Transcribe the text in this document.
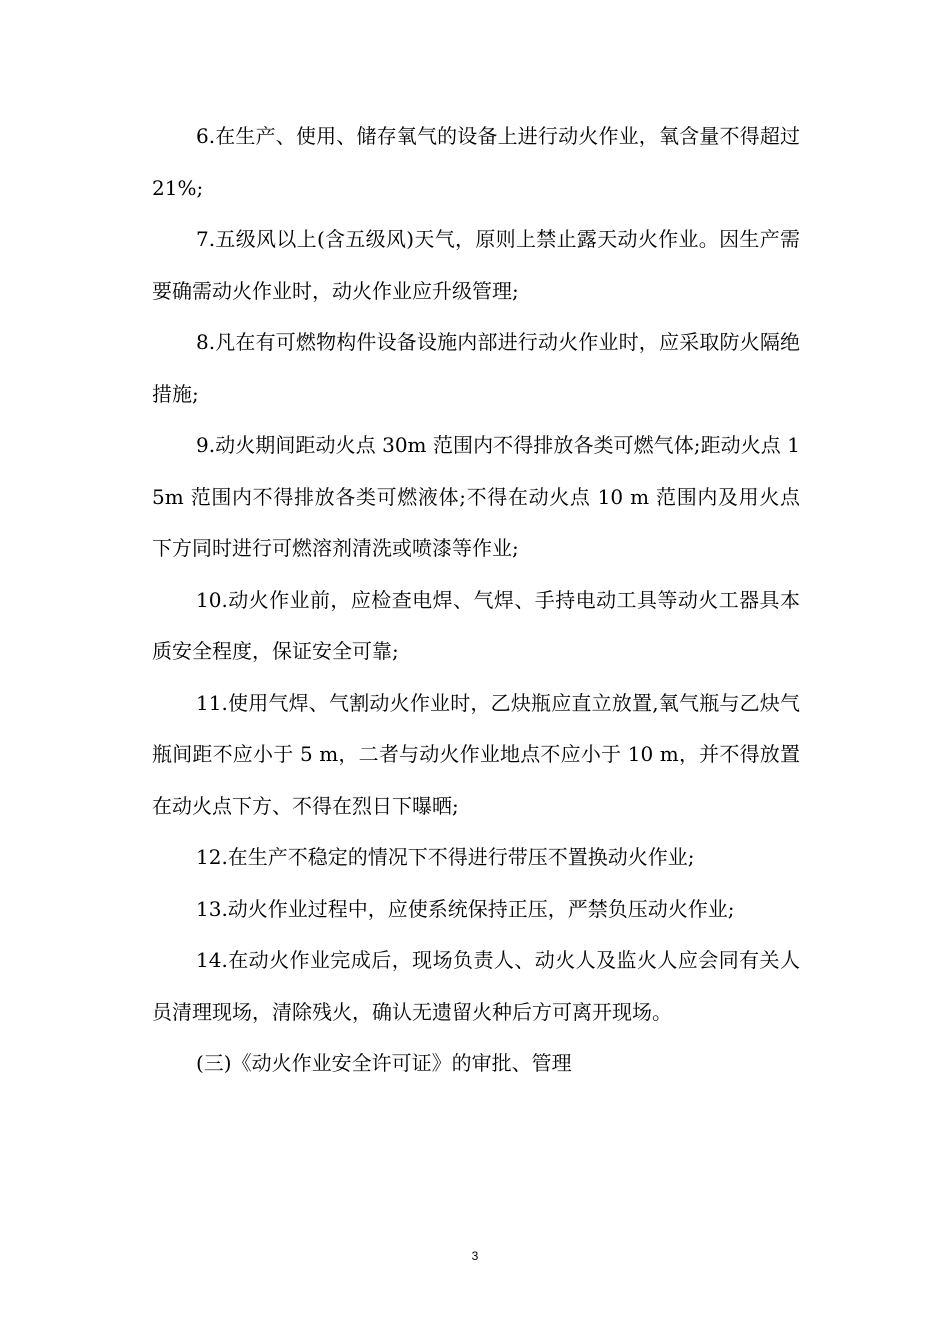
6.在生产、使用、储存氧气的设备上进行动火作业，氧含量不得超过 21%;

7.五级风以上(含五级风)天气，原则上禁止露天动火作业。因生产需要确需动火作业时，动火作业应升级管理;

8.凡在有可燃物构件设备设施内部进行动火作业时，应采取防火隔绝措施;

9.动火期间距动火点 30m 范围内不得排放各类可燃气体;距动火点 15m 范围内不得排放各类可燃液体;不得在动火点 10 m 范围内及用火点下方同时进行可燃溶剂清洗或喷漆等作业;

10.动火作业前，应检查电焊、气焊、手持电动工具等动火工器具本质安全程度，保证安全可靠;

11.使用气焊、气割动火作业时，乙炔瓶应直立放置,氧气瓶与乙炔气瓶间距不应小于 5 m，二者与动火作业地点不应小于 10 m，并不得放置在动火点下方、不得在烈日下曝晒;

12.在生产不稳定的情况下不得进行带压不置换动火作业;

13.动火作业过程中，应使系统保持正压，严禁负压动火作业;

14.在动火作业完成后，现场负责人、动火人及监火人应会同有关人员清理现场，清除残火，确认无遗留火种后方可离开现场。

(三)《动火作业安全许可证》的审批、管理

3
